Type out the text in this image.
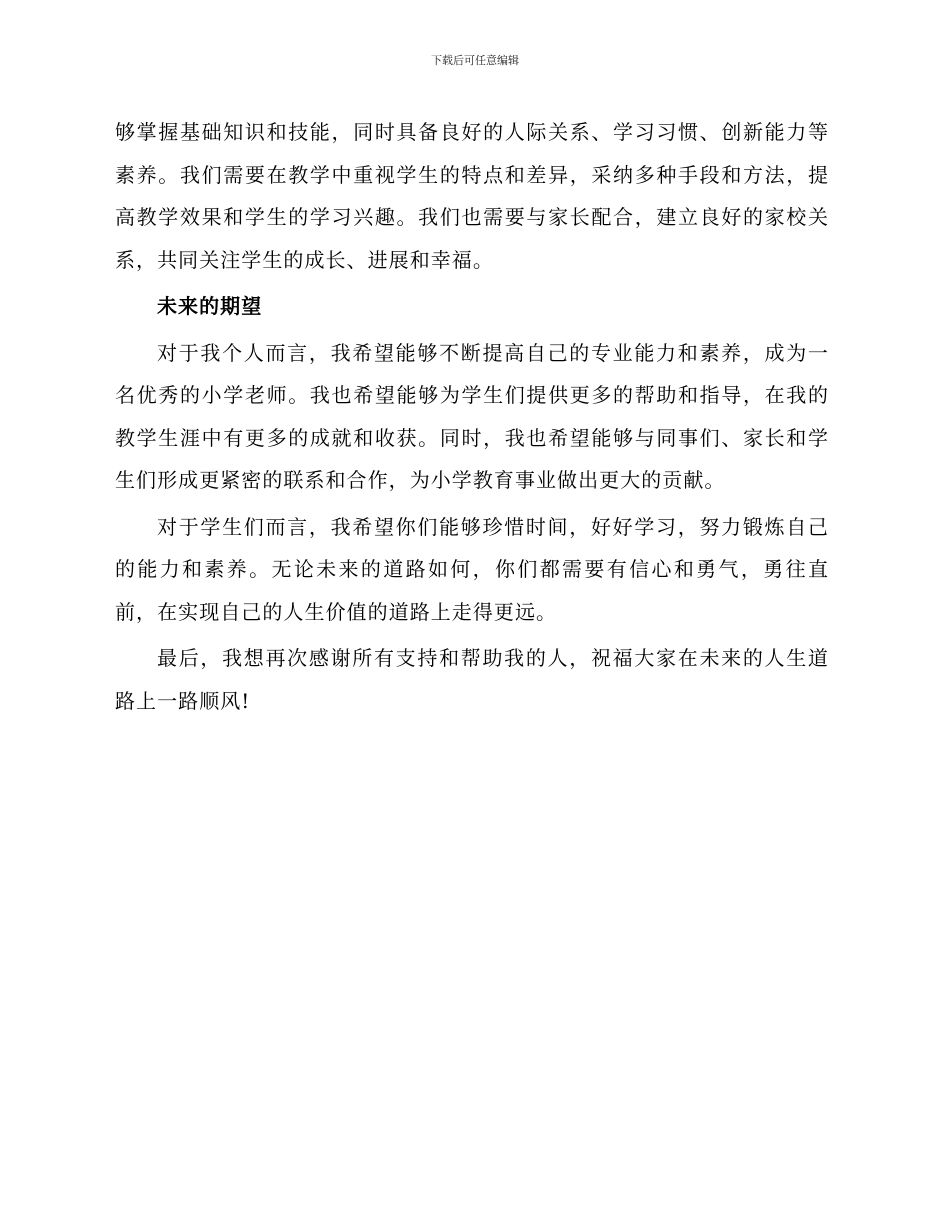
下载后可任意编辑

够掌握基础知识和技能，同时具备良好的人际关系、学习习惯、创新能力等素养。我们需要在教学中重视学生的特点和差异，采纳多种手段和方法，提高教学效果和学生的学习兴趣。我们也需要与家长配合，建立良好的家校关系，共同关注学生的成长、进展和幸福。

未来的期望

对于我个人而言，我希望能够不断提高自己的专业能力和素养，成为一名优秀的小学老师。我也希望能够为学生们提供更多的帮助和指导，在我的教学生涯中有更多的成就和收获。同时，我也希望能够与同事们、家长和学生们形成更紧密的联系和合作，为小学教育事业做出更大的贡献。

对于学生们而言，我希望你们能够珍惜时间，好好学习，努力锻炼自己的能力和素养。无论未来的道路如何，你们都需要有信心和勇气，勇往直前，在实现自己的人生价值的道路上走得更远。

最后，我想再次感谢所有支持和帮助我的人，祝福大家在未来的人生道路上一路顺风!
